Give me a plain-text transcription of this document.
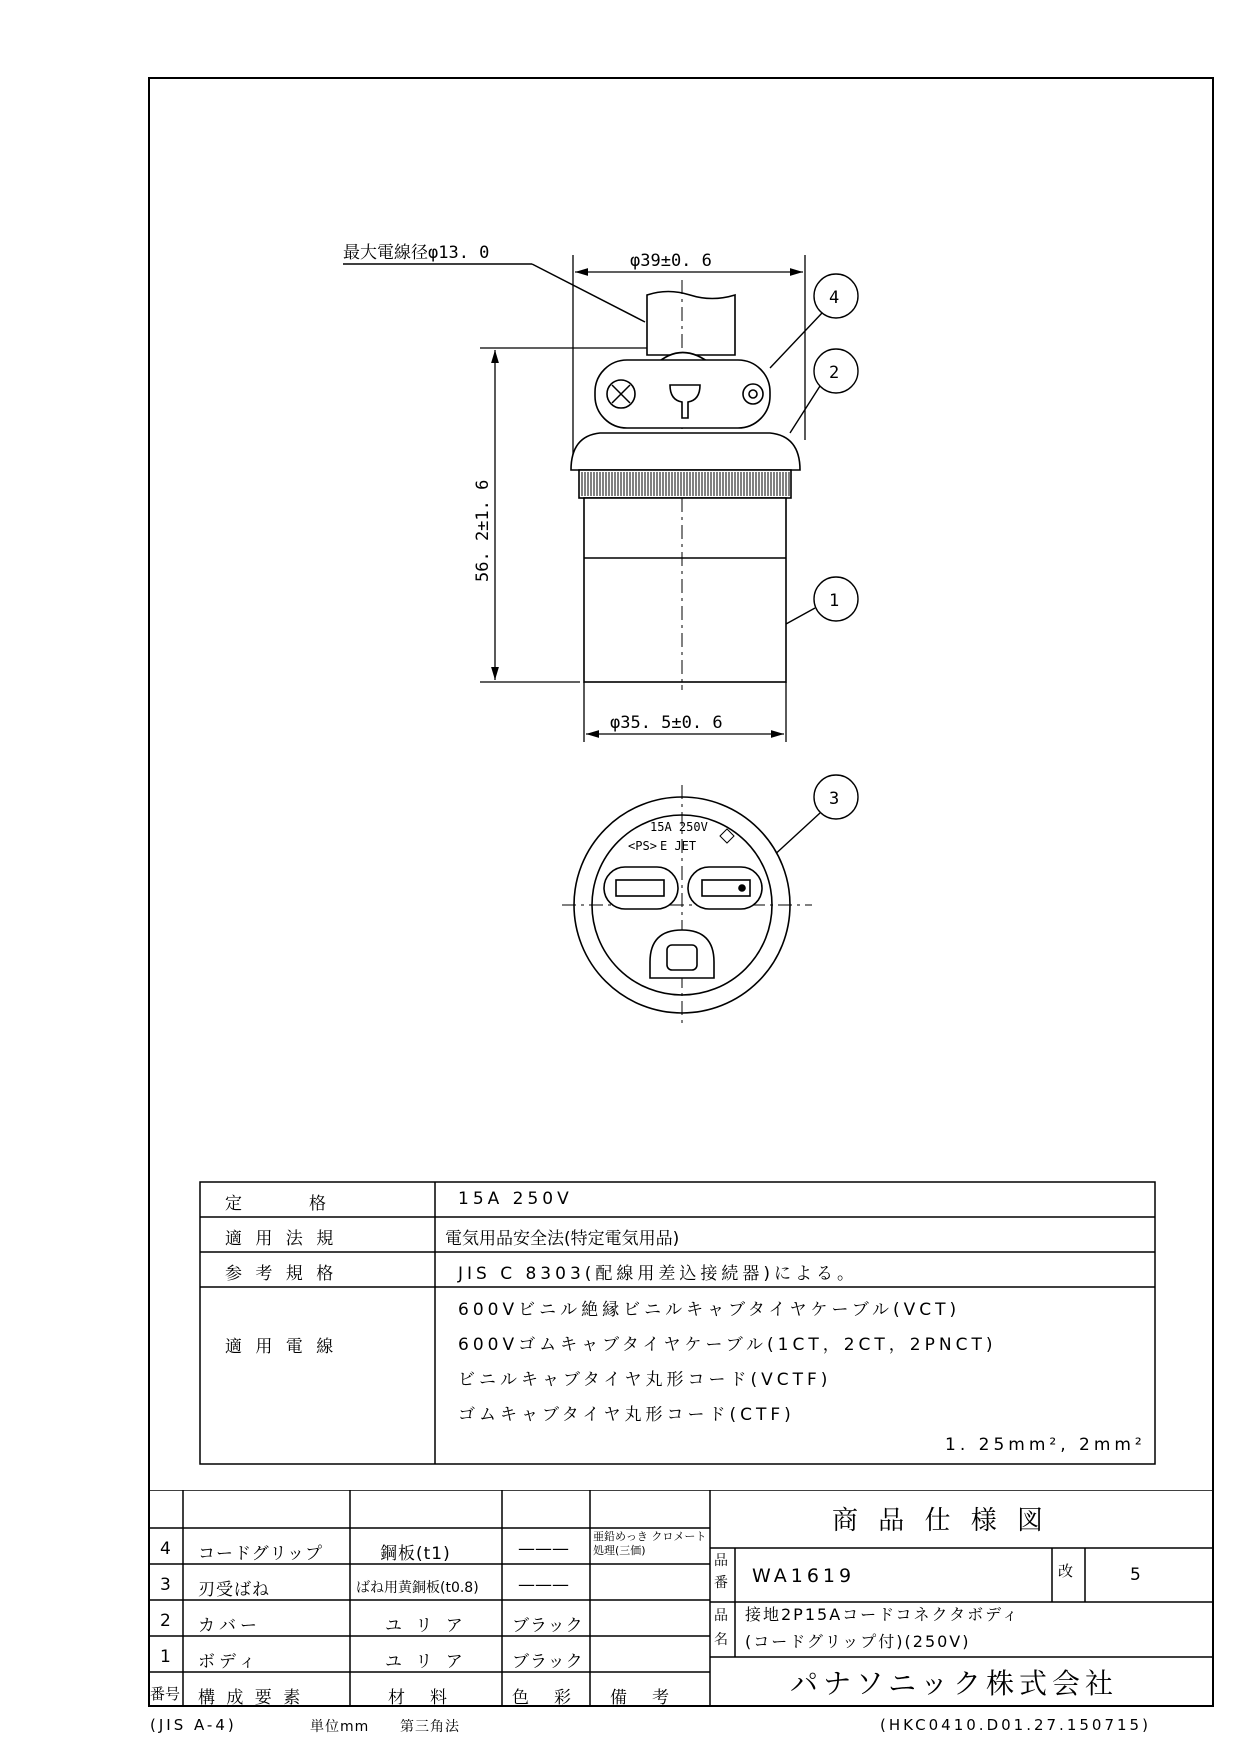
最大電線径φ13. 0	φ39±0. 6
56. 2±1. 6
φ35. 5±0. 6
4
2
1
3
15A 250V
<PS> E JET
定　　　格	15A 250V
適 用 法 規	電気用品安全法(特定電気用品)
参 考 規 格	JIS C 8303(配線用差込接続器)による。
適 用 電 線
600Vビニル絶縁ビニルキャブタイヤケーブル(VCT)
600Vゴムキャブタイヤケーブル(1CT，2CT，2PNCT)
ビニルキャブタイヤ丸形コード(VCTF)
ゴムキャブタイヤ丸形コード(CTF)
1. 25mm², 2mm²
4 コードグリップ	鋼板(t1)	———
亜鉛めっき クロメート処理(三価)
3 刃受ばね	ばね用黄銅板(t0.8) ———
2 カバー	ユ リ ア	ブラック
1 ボディ	ユ リ ア	ブラック
番号 構 成 要 素	材　料	色　彩 備　考
商 品 仕 様 図
品番 WA1619	改	5
品名
接地2P15Aコードコネクタボディ
(コードグリップ付)(250V)
パナソニック株式会社
(JIS A-4)	単位mm 第三角法	(HKC0410.D01.27.150715)
